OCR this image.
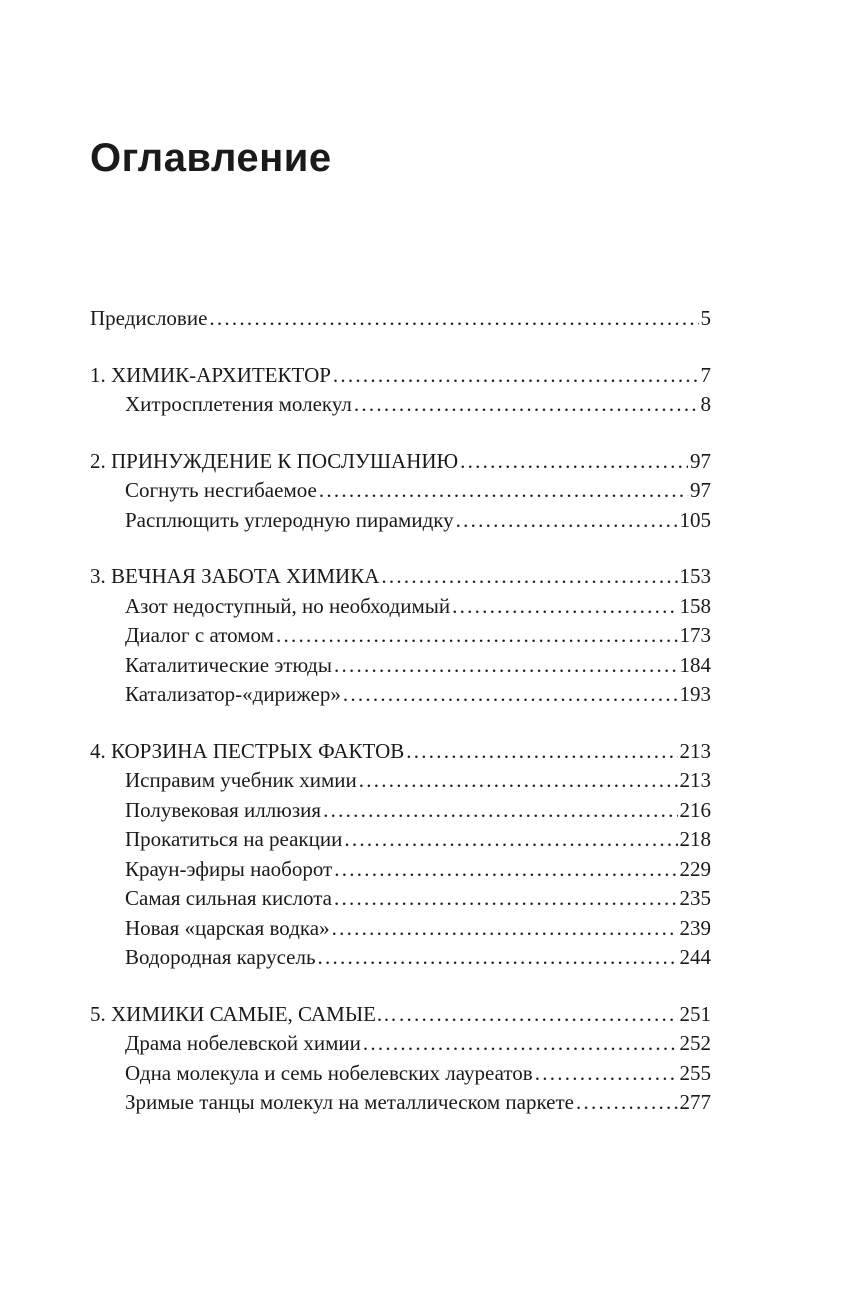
Оглавление
Предисловие . . .	5
1. ХИМИК-АРХИТЕКТОР . . .	7
Хитросплетения молекул . . .	8
2. ПРИНУЖДЕНИЕ К ПОСЛУШАНИЮ . . .	97
Согнуть несгибаемое . . .	97
Расплющить углеродную пирамидку . . .	105
3. ВЕЧНАЯ ЗАБОТА ХИМИКА . . .	153
Азот недоступный, но необходимый . . .	158
Диалог с атомом . . .	173
Каталитические этюды . . .	184
Катализатор-«дирижер» . . .	193
4. КОРЗИНА ПЕСТРЫХ ФАКТОВ . . .	213
Исправим учебник химии . . .	213
Полувековая иллюзия . . .	216
Прокатиться на реакции . . .	218
Краун-эфиры наоборот . . .	229
Самая сильная кислота . . .	235
Новая «царская водка» . . .	239
Водородная карусель . . .	244
5. ХИМИКИ САМЫЕ, САМЫЕ… . . .	251
Драма нобелевской химии . . .	252
Одна молекула и семь нобелевских лауреатов . . .	255
Зримые танцы молекул на металлическом паркете . . .	277
